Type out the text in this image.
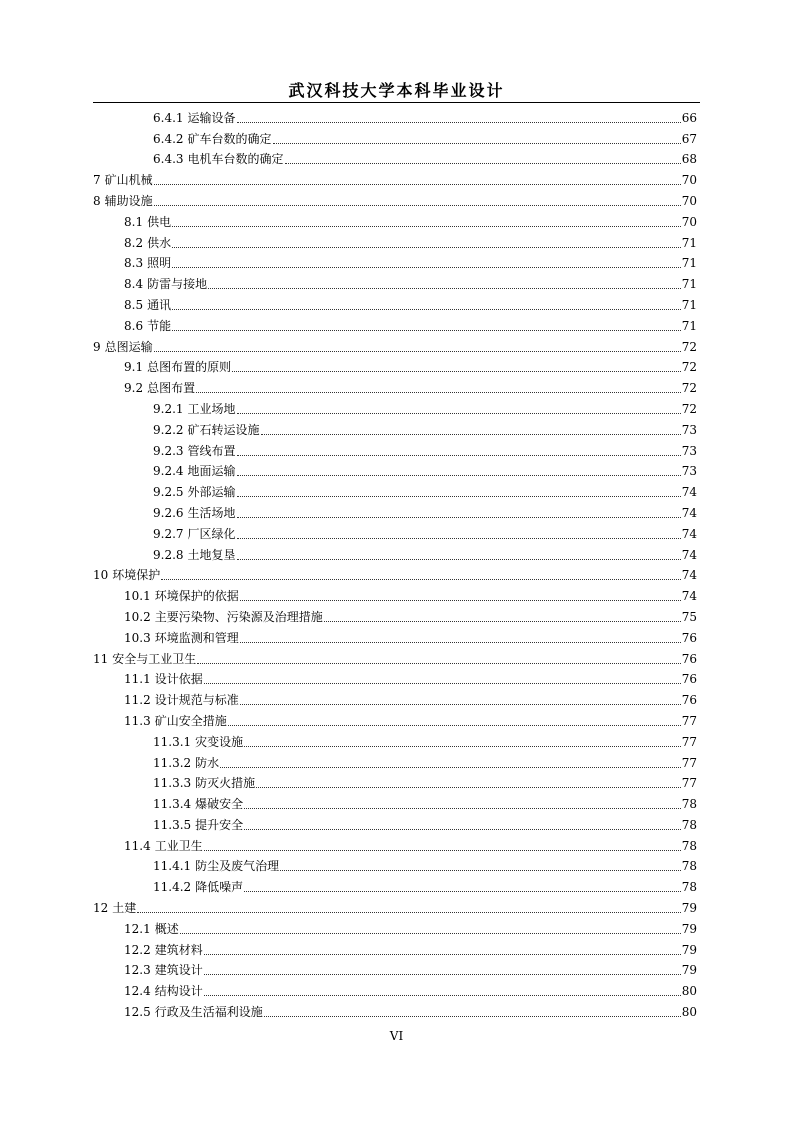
武汉科技大学本科毕业设计
6.4.1 运输设备	66
6.4.2 矿车台数的确定	67
6.4.3 电机车台数的确定	68
7 矿山机械	70
8 辅助设施	70
8.1 供电	70
8.2 供水	71
8.3 照明	71
8.4 防雷与接地	71
8.5 通讯	71
8.6 节能	71
9 总图运输	72
9.1 总图布置的原则	72
9.2 总图布置	72
9.2.1 工业场地	72
9.2.2 矿石转运设施	73
9.2.3 管线布置	73
9.2.4 地面运输	73
9.2.5 外部运输	74
9.2.6 生活场地	74
9.2.7 厂区绿化	74
9.2.8 土地复垦	74
10 环境保护	74
10.1 环境保护的依据	74
10.2 主要污染物、污染源及治理措施	75
10.3 环境监测和管理	76
11 安全与工业卫生	76
11.1 设计依据	76
11.2 设计规范与标准	76
11.3 矿山安全措施	77
11.3.1 灾变设施	77
11.3.2 防水	77
11.3.3 防灭火措施	77
11.3.4 爆破安全	78
11.3.5 提升安全	78
11.4 工业卫生	78
11.4.1 防尘及废气治理	78
11.4.2 降低噪声	78
12 土建	79
12.1 概述	79
12.2 建筑材料	79
12.3 建筑设计	79
12.4 结构设计	80
12.5 行政及生活福利设施	80
VI
